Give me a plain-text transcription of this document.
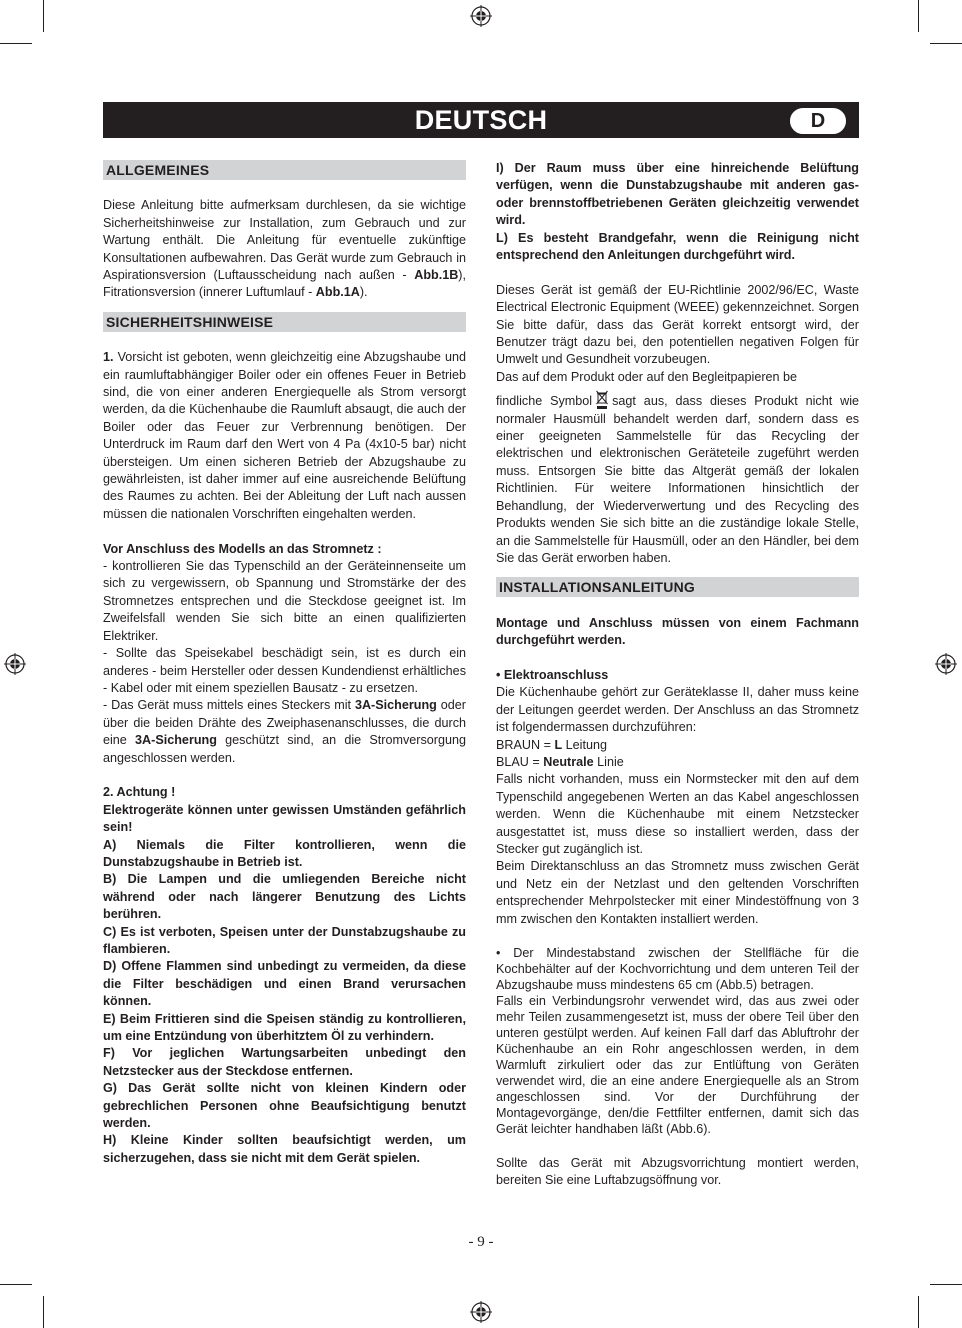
DEUTSCH	D
ALLGEMEINES

Diese Anleitung bitte aufmerksam durchlesen, da sie wichtige Sicherheitshinweise zur Installation, zum Gebrauch und zur Wartung enthält. Die Anleitung für eventuelle zukünftige Konsultationen aufbewahren. Das Gerät wurde zum Gebrauch in Aspirationsversion (Luftausscheidung nach außen - Abb.1B), Fitrationsversion (innerer Luftumlauf - Abb.1A).

SICHERHEITSHINWEISE

1. Vorsicht ist geboten, wenn gleichzeitig eine Abzugshaube und ein raumluftabhängiger Boiler oder ein offenes Feuer in Betrieb sind, die von einer anderen Energiequelle als Strom versorgt werden, da die Küchenhaube die Raumluft absaugt, die auch der Boiler oder das Feuer zur Verbrennung benötigen. Der Unterdruck im Raum darf den Wert von 4 Pa (4x10-5 bar) nicht übersteigen. Um einen sicheren Betrieb der Abzugshaube zu gewährleisten, ist daher immer auf eine ausreichende Belüftung des Raumes zu achten. Bei der Ableitung der Luft nach aussen müssen die nationalen Vorschriften eingehalten werden.

Vor Anschluss des Modells an das Stromnetz :

- kontrollieren Sie das Typenschild an der Geräteinnenseite um sich zu vergewissern, ob Spannung und Stromstärke der des Stromnetzes entsprechen und die Steckdose geeignet ist. Im Zweifelsfall wenden Sie sich bitte an einen qualifizierten Elektriker.

- Sollte das Speisekabel beschädigt sein, ist es durch ein anderes - beim Hersteller oder dessen Kundendienst erhältliches - Kabel oder mit einem speziellen Bausatz - zu ersetzen.

- Das Gerät muss mittels eines Steckers mit 3A-Sicherung oder über die beiden Drähte des Zweiphasenanschlusses, die durch eine 3A-Sicherung geschützt sind, an die Stromversorgung angeschlossen werden.

2. Achtung !

Elektrogeräte können unter gewissen Umständen gefährlich sein!

A) Niemals die Filter kontrollieren, wenn die Dunstabzugshaube in Betrieb ist.

B) Die Lampen und die umliegenden Bereiche nicht während oder nach längerer Benutzung des Lichts berühren.

C) Es ist verboten, Speisen unter der Dunstabzugshaube zu flambieren.

D) Offene Flammen sind unbedingt zu vermeiden, da diese die Filter beschädigen und einen Brand verursachen können.

E) Beim Frittieren sind die Speisen ständig zu kontrollieren, um eine Entzündung von überhitztem Öl zu verhindern.

F) Vor jeglichen Wartungsarbeiten unbedingt den Netzstecker aus der Steckdose entfernen.

G) Das Gerät sollte nicht von kleinen Kindern oder gebrechlichen Personen ohne Beaufsichtigung benutzt werden.

H) Kleine Kinder sollten beaufsichtigt werden, um sicherzugehen, dass sie nicht mit dem Gerät spielen.

I) Der Raum muss über eine hinreichende Belüftung verfügen, wenn die Dunstabzugshaube mit anderen gas- oder brennstoffbetriebenen Geräten gleichzeitig verwendet wird.

L) Es besteht Brandgefahr, wenn die Reinigung nicht entsprechend den Anleitungen durchgeführt wird.

Dieses Gerät ist gemäß der EU-Richtlinie 2002/96/EC, Waste Electrical Electronic Equipment (WEEE) gekennzeichnet. Sorgen Sie bitte dafür, dass das Gerät korrekt entsorgt wird, der Benutzer trägt dazu bei, den potentiellen negativen Folgen für Umwelt und Gesundheit vorzubeugen.

Das auf dem Produkt oder auf den Begleitpapieren be

findliche Symbol sagt aus, dass dieses Produkt nicht wie normaler Hausmüll behandelt werden darf, sondern dass es einer geeigneten Sammelstelle für das Recycling der elektrischen und elektronischen Geräteteile zugeführt werden muss. Entsorgen Sie bitte das Altgerät gemäß der lokalen Richtlinien. Für weitere Informationen hinsichtlich der Behandlung, der Wiederverwertung und des Recycling des Produkts wenden Sie sich bitte an die zuständige lokale Stelle, an die Sammelstelle für Hausmüll, oder an den Händler, bei dem Sie das Gerät erworben haben.

INSTALLATIONSANLEITUNG

Montage und Anschluss müssen von einem Fachmann durchgeführt werden.

• Elektroanschluss

Die Küchenhaube gehört zur Geräteklasse II, daher muss keine der Leitungen geerdet werden. Der Anschluss an das Stromnetz ist folgendermassen durchzuführen:

BRAUN = L Leitung

BLAU = Neutrale Linie

Falls nicht vorhanden, muss ein Normstecker mit den auf dem Typenschild angegebenen Werten an das Kabel angeschlossen werden. Wenn die Küchenhaube mit einem Netzstecker ausgestattet ist, muss diese so installiert werden, dass der Stecker gut zugänglich ist.

Beim Direktanschluss an das Stromnetz muss zwischen Gerät und Netz ein der Netzlast und den geltenden Vorschriften entsprechender Mehrpolstecker mit einer Mindestöffnung von 3 mm zwischen den Kontakten installiert werden.

• Der Mindestabstand zwischen der Stellfläche für die Kochbehälter auf der Kochvorrichtung und dem unteren Teil der Abzugshaube muss mindestens 65 cm (Abb.5) betragen.

Falls ein Verbindungsrohr verwendet wird, das aus zwei oder mehr Teilen zusammengesetzt ist, muss der obere Teil über den unteren gestülpt werden. Auf keinen Fall darf das Abluftrohr der Küchenhaube an ein Rohr angeschlossen werden, in dem Warmluft zirkuliert oder das zur Entlüftung von Geräten verwendet wird, die an eine andere Energiequelle als an Strom angeschlossen sind. Vor der Durchführung der Montagevorgänge, den/die Fettfilter entfernen, damit sich das Gerät leichter handhaben läßt (Abb.6).

Sollte das Gerät mit Abzugsvorrichtung montiert werden, bereiten Sie eine Luftabzugsöffnung vor.

- 9 -
